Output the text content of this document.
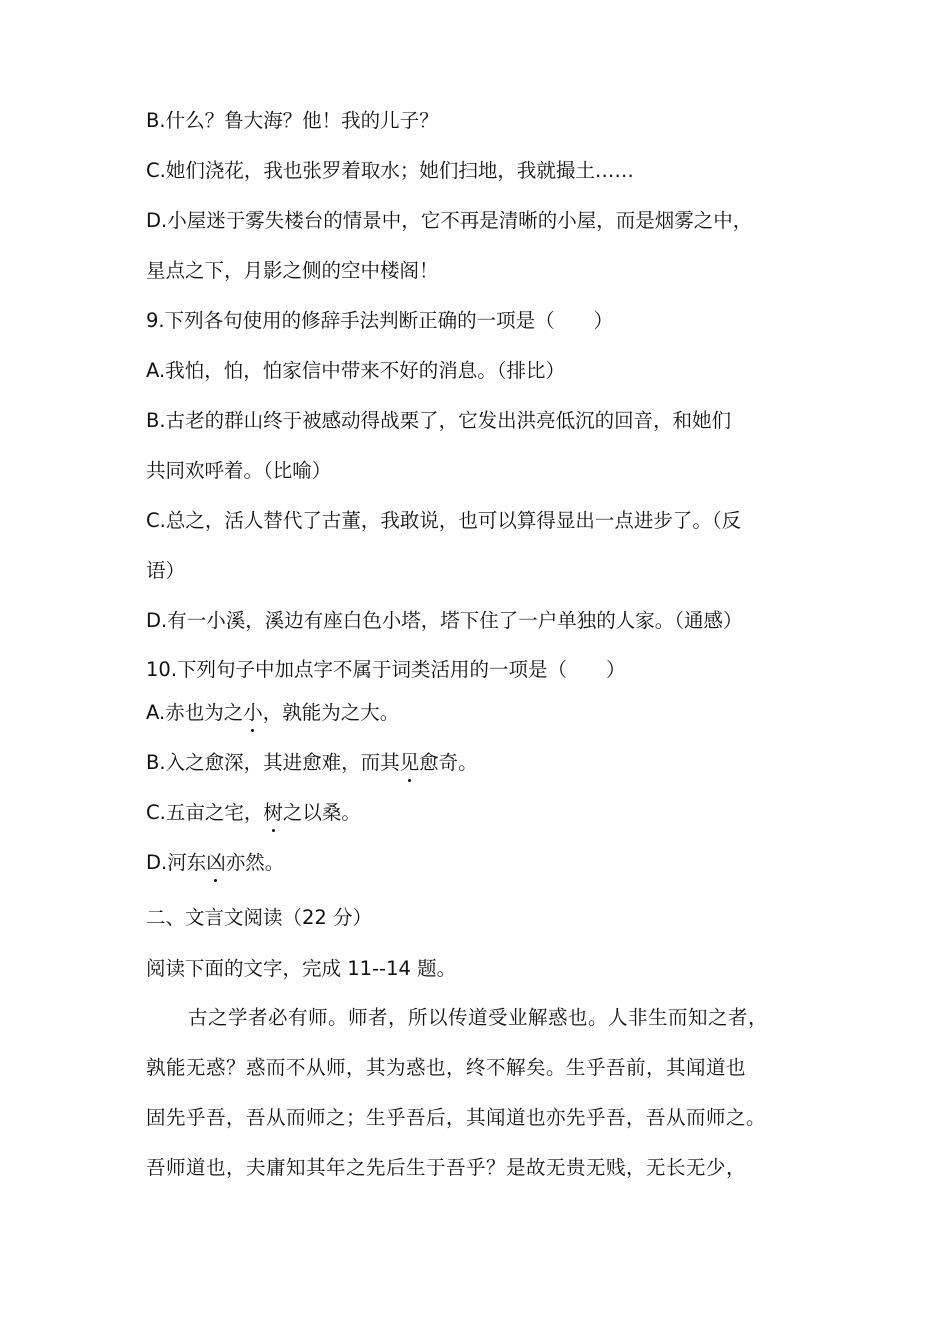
B.什么？鲁大海？他！我的儿子？
C.她们浇花，我也张罗着取水；她们扫地，我就撮土……
D.小屋迷于雾失楼台的情景中，它不再是清晰的小屋，而是烟雾之中，
星点之下，月影之侧的空中楼阁！
9.下列各句使用的修辞手法判断正确的一项是（　　）
A.我怕，怕，怕家信中带来不好的消息。（排比）
B.古老的群山终于被感动得战栗了，它发出洪亮低沉的回音，和她们
共同欢呼着。（比喻）
C.总之，活人替代了古董，我敢说，也可以算得显出一点进步了。（反
语）
D.有一小溪，溪边有座白色小塔，塔下住了一户单独的人家。（通感）
10.下列句子中加点字不属于词类活用的一项是（　　）
A.赤也为之小，孰能为之大。
B.入之愈深，其进愈难，而其见愈奇。
C.五亩之宅，树之以桑。
D.河东凶亦然。
二、文言文阅读（22 分）
阅读下面的文字，完成 11--14 题。
古之学者必有师。师者，所以传道受业解惑也。人非生而知之者，
孰能无惑？惑而不从师，其为惑也，终不解矣。生乎吾前，其闻道也
固先乎吾，吾从而师之；生乎吾后，其闻道也亦先乎吾，吾从而师之。
吾师道也，夫庸知其年之先后生于吾乎？是故无贵无贱，无长无少，
